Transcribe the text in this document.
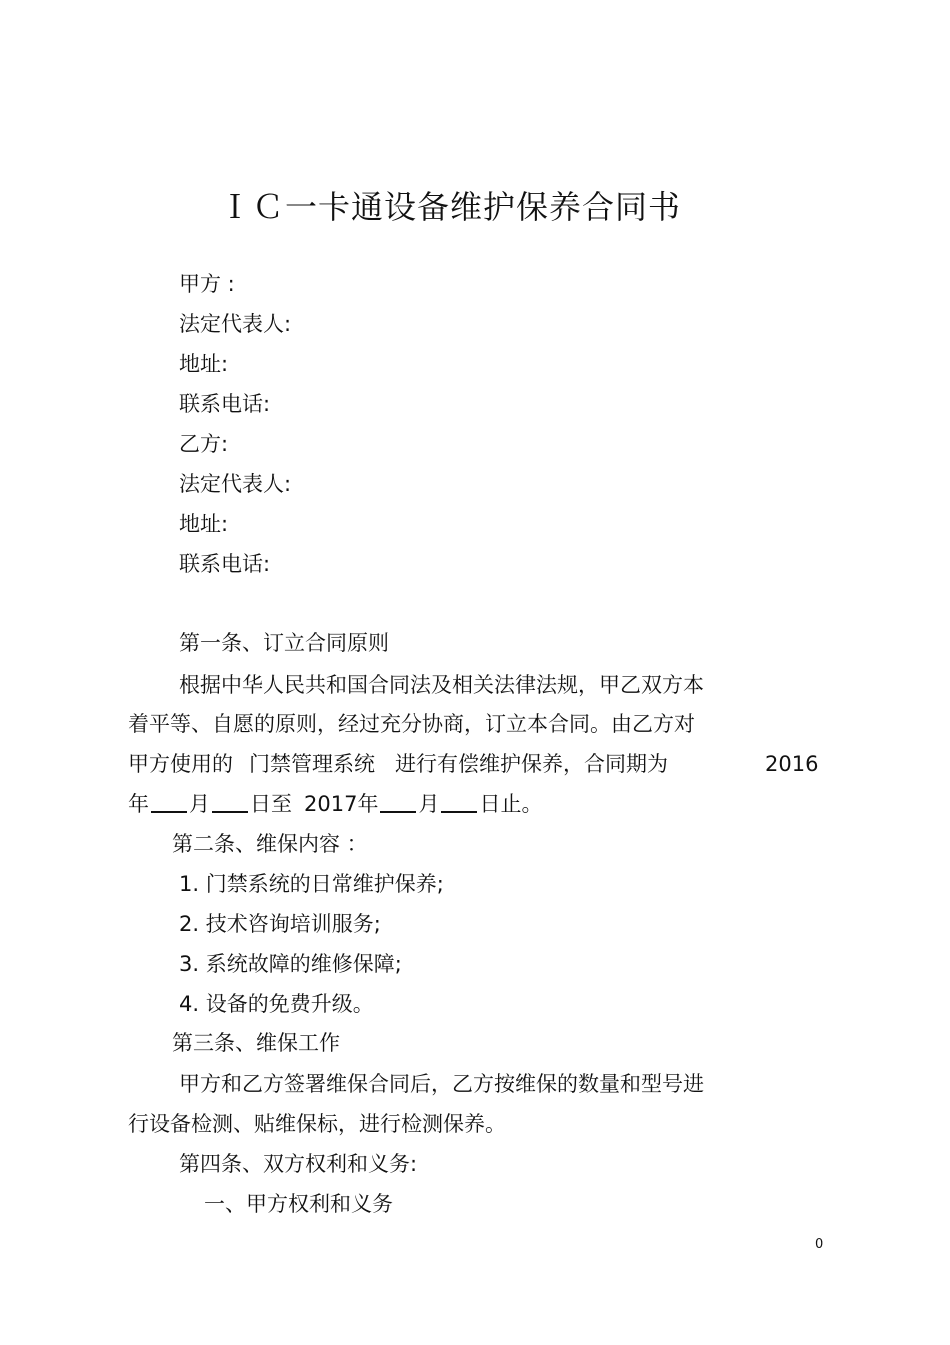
ＩＣ一卡通设备维护保养合同书
甲方 :
法定代表人:
地址:
联系电话:
乙方:
法定代表人:
地址:
联系电话:
第一条、订立合同原则
根据中华人民共和国合同法及相关法律法规，甲乙双方本
着平等、自愿的原则，经过充分协商，订立本合同。由乙方对
甲方使用的 门禁管理系统 进行有偿维护保养，合同期为	2016
年 月 日至 2017年 月 日止。
第二条、维保内容 ：
1. 门禁系统的日常维护保养;
2. 技术咨询培训服务;
3. 系统故障的维修保障;
4. 设备的免费升级。
第三条、维保工作
甲方和乙方签署维保合同后，乙方按维保的数量和型号进
行设备检测、贴维保标，进行检测保养。
第四条、双方权利和义务:
一、甲方权利和义务
0
